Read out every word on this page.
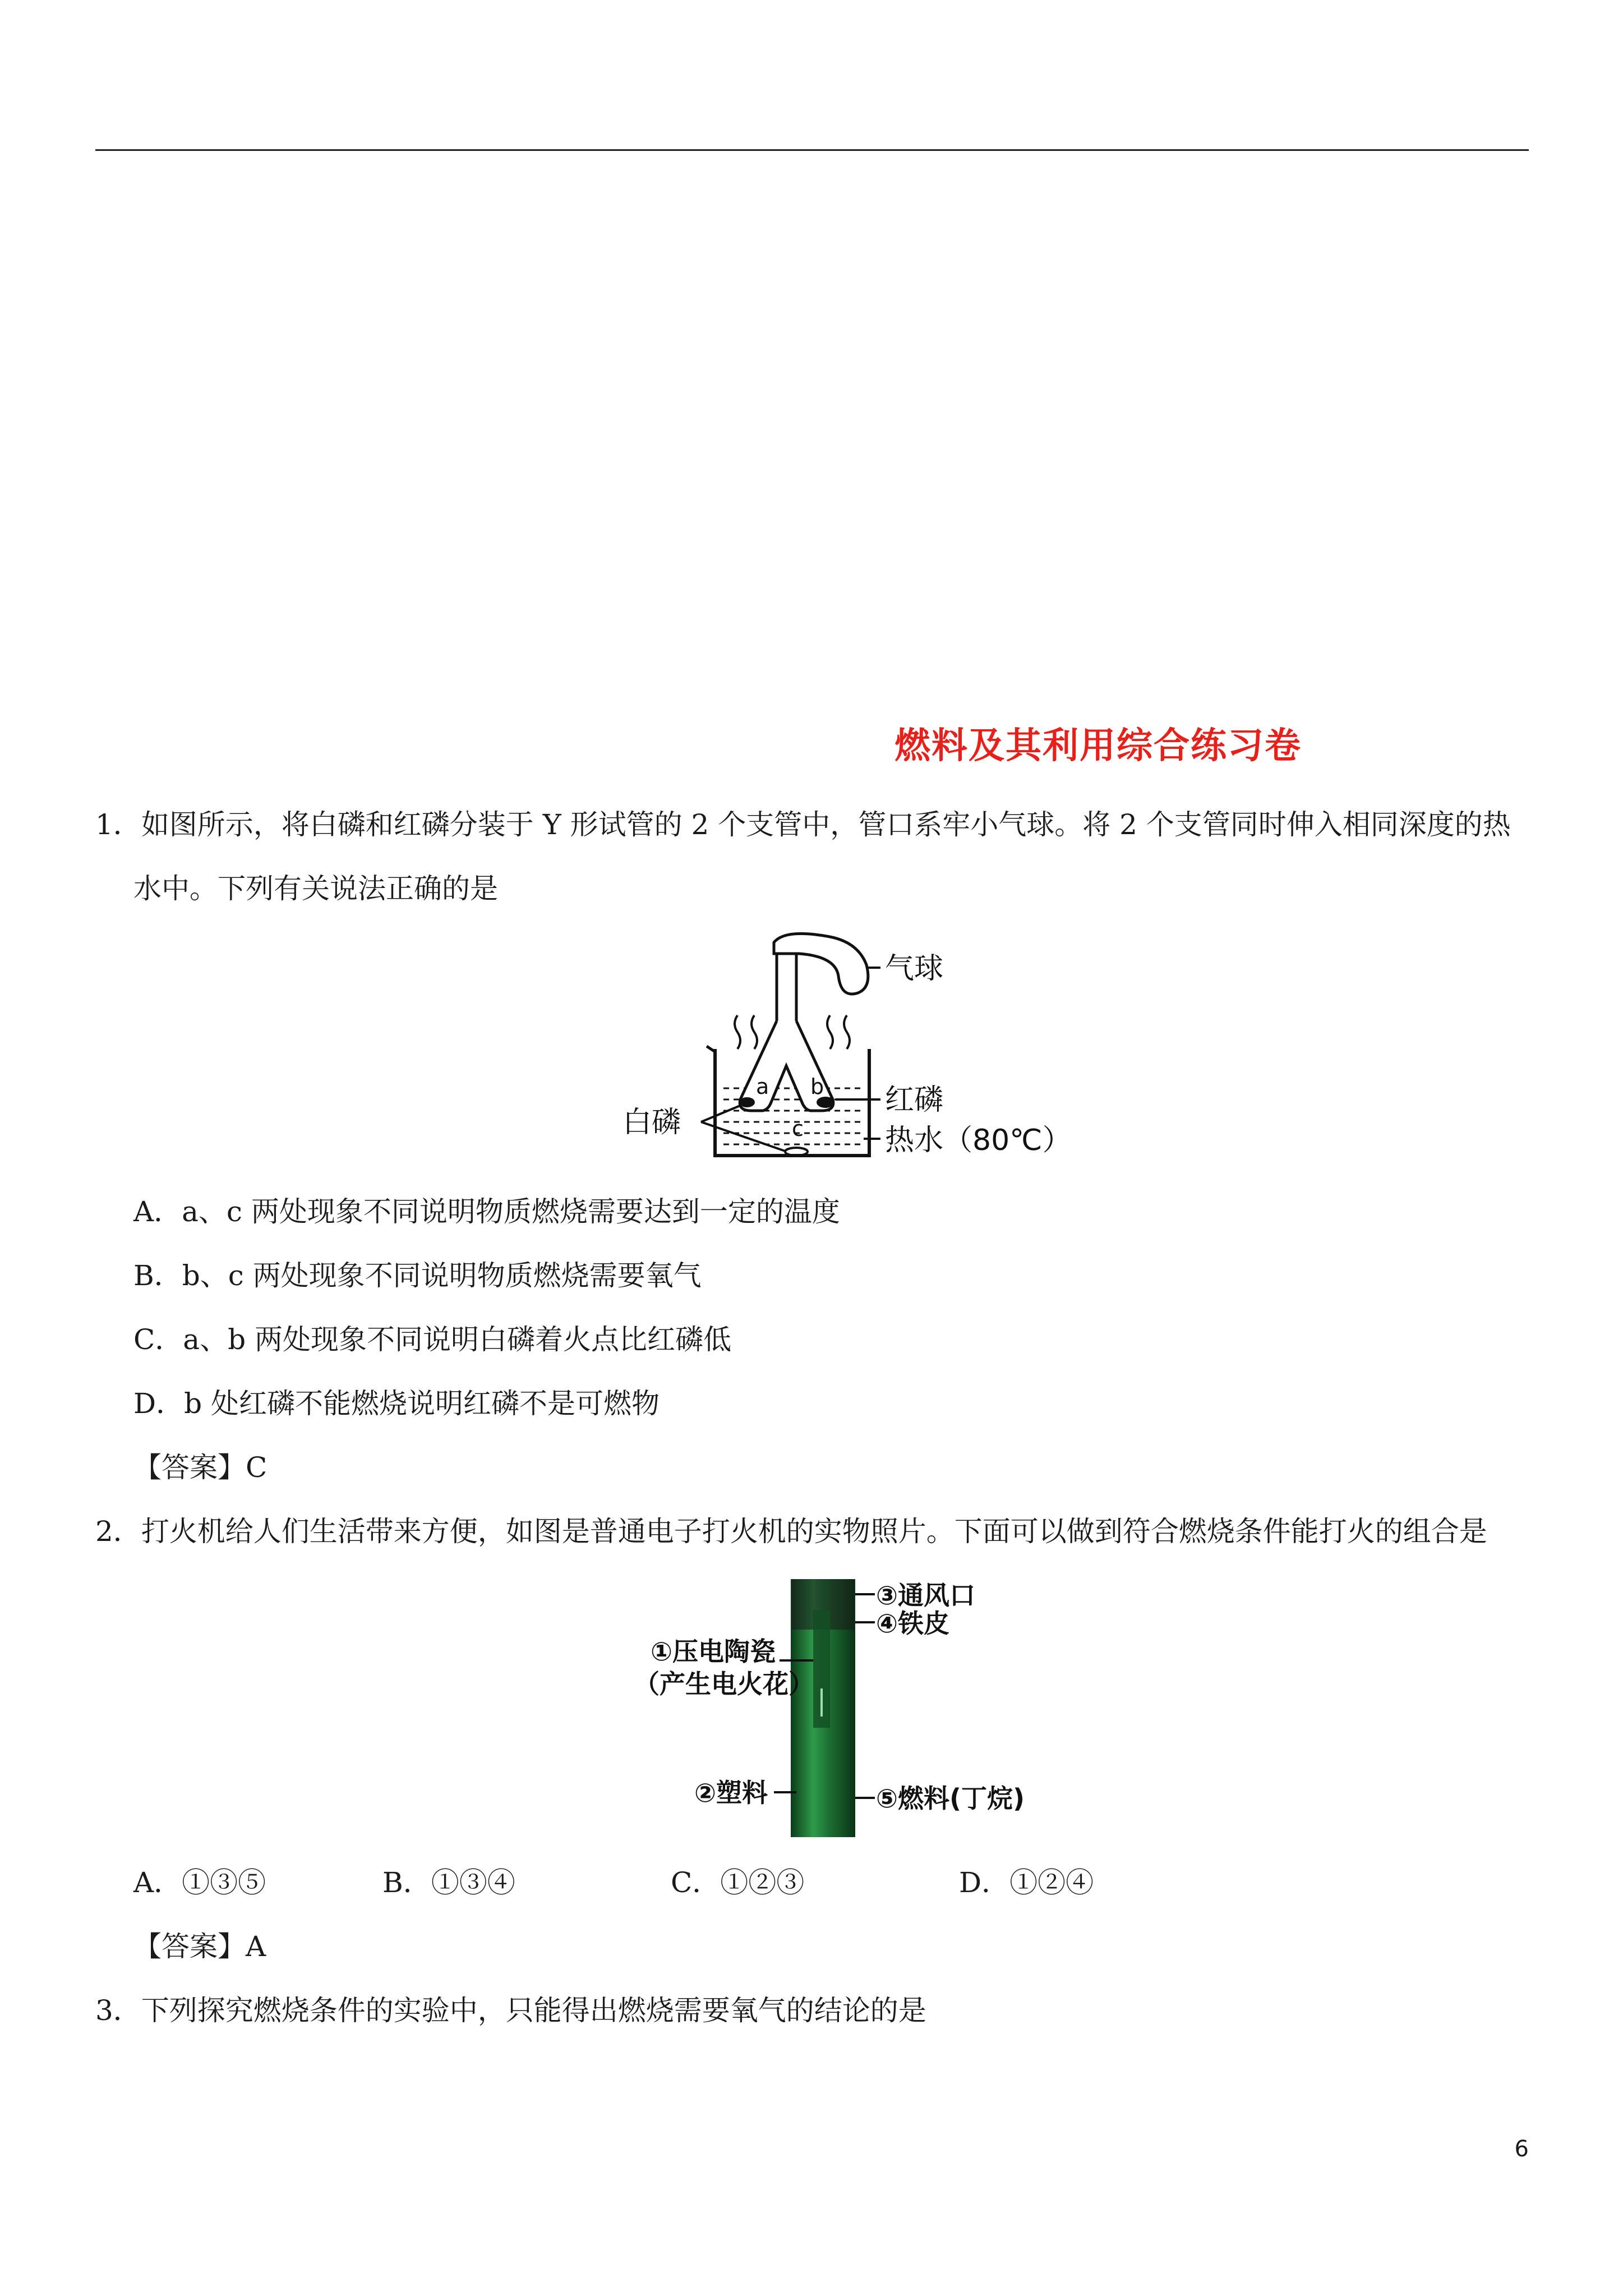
燃料及其利用综合练习卷
1．如图所示，将白磷和红磷分装于 Y 形试管的 2 个支管中，管口系牢小气球。将 2 个支管同时伸入相同深度的热
水中。下列有关说法正确的是
a b
c
气球
红磷
白磷
热水（80℃）
A．a、c 两处现象不同说明物质燃烧需要达到一定的温度
B．b、c 两处现象不同说明物质燃烧需要氧气
C．a、b 两处现象不同说明白磷着火点比红磷低
D．b 处红磷不能燃烧说明红磷不是可燃物
【答案】C
2．打火机给人们生活带来方便，如图是普通电子打火机的实物照片。下面可以做到符合燃烧条件能打火的组合是
③通风口
④铁皮
①压电陶瓷
（产生电火花）
②塑料	⑤燃料(丁烷)
A．①③⑤	B．①③④	C．①②③	D．①②④
【答案】A
3．下列探究燃烧条件的实验中，只能得出燃烧需要氧气的结论的是
6
